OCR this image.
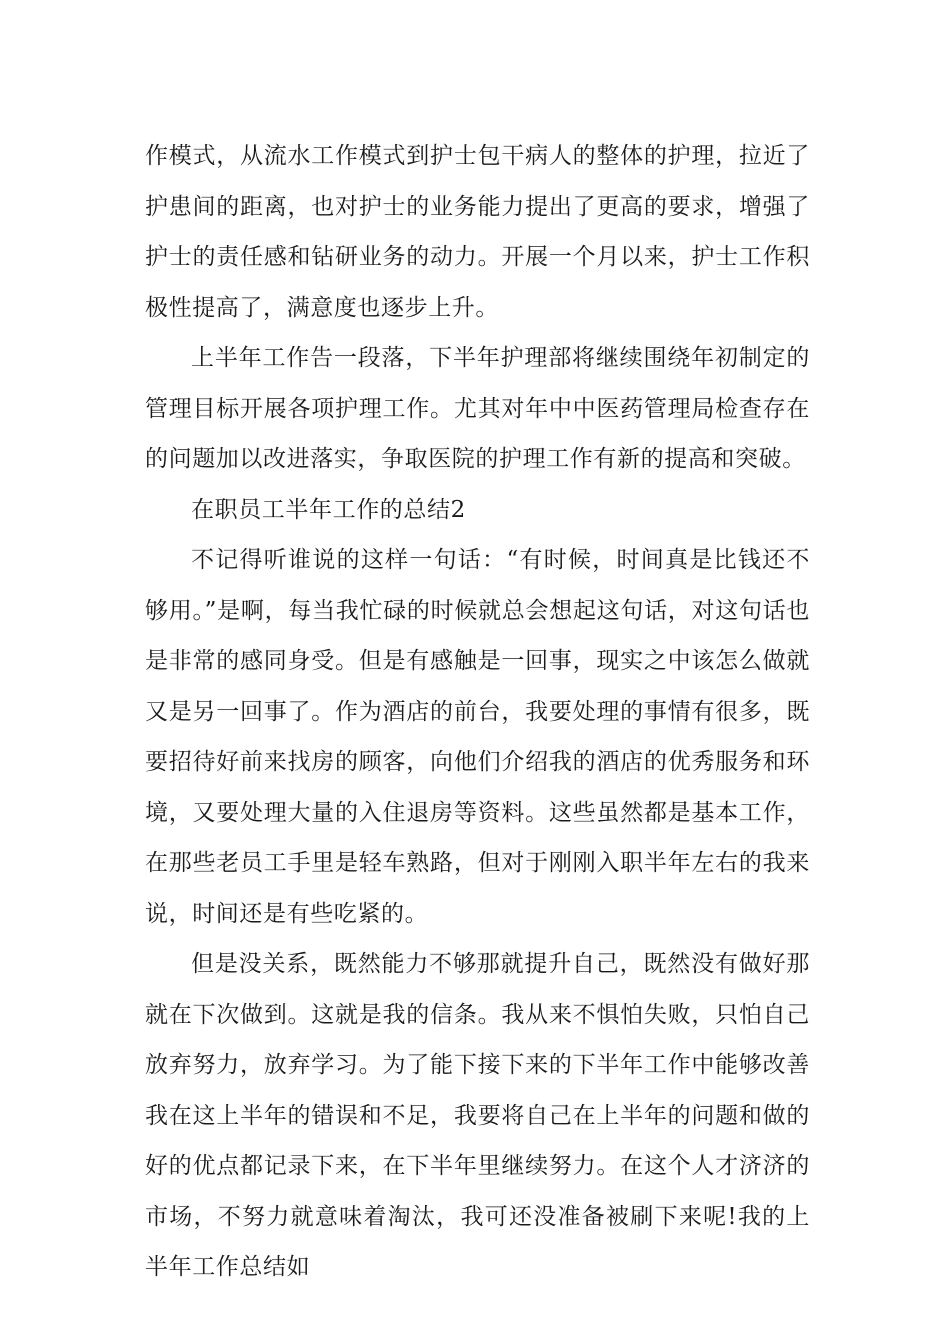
作模式，从流水工作模式到护士包干病人的整体的护理，拉近了护患间的距离，也对护士的业务能力提出了更高的要求，增强了护士的责任感和钻研业务的动力。开展一个月以来，护士工作积极性提高了，满意度也逐步上升。

上半年工作告一段落，下半年护理部将继续围绕年初制定的管理目标开展各项护理工作。尤其对年中中医药管理局检查存在的问题加以改进落实，争取医院的护理工作有新的提高和突破。

在职员工半年工作的总结2

不记得听谁说的这样一句话：“有时候，时间真是比钱还不够用。”是啊，每当我忙碌的时候就总会想起这句话，对这句话也是非常的感同身受。但是有感触是一回事，现实之中该怎么做就又是另一回事了。作为酒店的前台，我要处理的事情有很多，既要招待好前来找房的顾客，向他们介绍我的酒店的优秀服务和环境，又要处理大量的入住退房等资料。这些虽然都是基本工作，在那些老员工手里是轻车熟路，但对于刚刚入职半年左右的我来说，时间还是有些吃紧的。

但是没关系，既然能力不够那就提升自己，既然没有做好那就在下次做到。这就是我的信条。我从来不惧怕失败，只怕自己放弃努力，放弃学习。为了能下接下来的下半年工作中能够改善我在这上半年的错误和不足，我要将自己在上半年的问题和做的好的优点都记录下来，在下半年里继续努力。在这个人才济济的市场，不努力就意味着淘汰，我可还没准备被刷下来呢!我的上半年工作总结如
